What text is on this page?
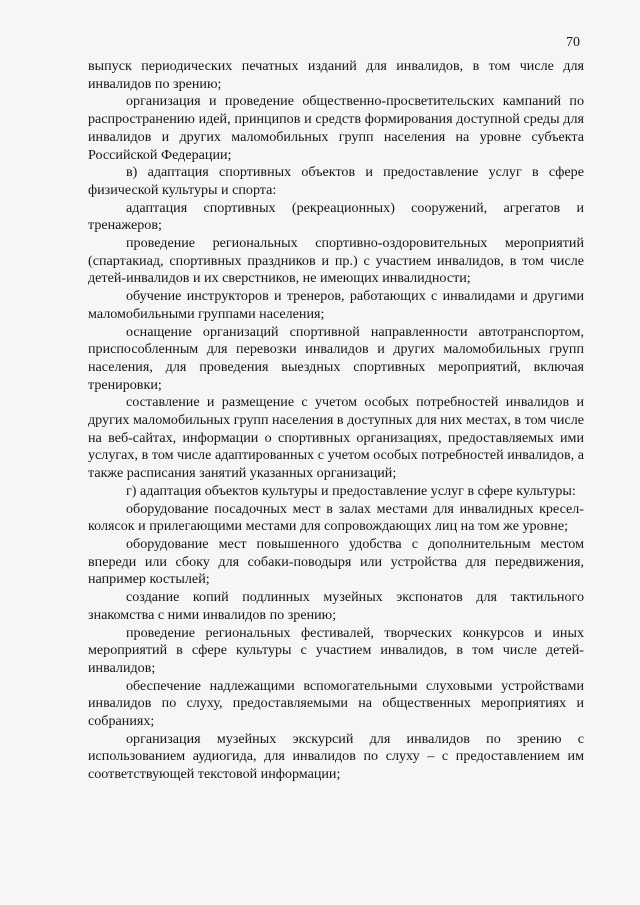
70

выпуск периодических печатных изданий для инвалидов, в том числе для инвалидов по зрению;

организация и проведение общественно-просветительских кампаний по распространению идей, принципов и средств формирования доступной среды для инвалидов и других маломобильных групп населения на уровне субъекта Российской Федерации;

в) адаптация спортивных объектов и предоставление услуг в сфере физической культуры и спорта:

адаптация спортивных (рекреационных) сооружений, агрегатов и тренажеров;

проведение региональных спортивно-оздоровительных мероприятий (спартакиад, спортивных праздников и пр.) с участием инвалидов, в том числе детей-инвалидов и их сверстников, не имеющих инвалидности;

обучение инструкторов и тренеров, работающих с инвалидами и другими маломобильными группами населения;

оснащение организаций спортивной направленности автотранспортом, приспособленным для перевозки инвалидов и других маломобильных групп населения, для проведения выездных спортивных мероприятий, включая тренировки;

составление и размещение с учетом особых потребностей инвалидов и других маломобильных групп населения в доступных для них местах, в том числе на веб-сайтах, информации о спортивных организациях, предоставляемых ими услугах, в том числе адаптированных с учетом особых потребностей инвалидов, а также расписания занятий указанных организаций;

г) адаптация объектов культуры и предоставление услуг в сфере культуры:

оборудование посадочных мест в залах местами для инвалидных кресел-колясок и прилегающими местами для сопровождающих лиц на том же уровне;

оборудование мест повышенного удобства с дополнительным местом впереди или сбоку для собаки-поводыря или устройства для передвижения, например костылей;

создание копий подлинных музейных экспонатов для тактильного знакомства с ними инвалидов по зрению;

проведение региональных фестивалей, творческих конкурсов и иных мероприятий в сфере культуры с участием инвалидов, в том числе детей-инвалидов;

обеспечение надлежащими вспомогательными слуховыми устройствами инвалидов по слуху, предоставляемыми на общественных мероприятиях и собраниях;

организация музейных экскурсий для инвалидов по зрению с использованием аудиогида, для инвалидов по слуху – с предоставлением им соответствующей текстовой информации;
